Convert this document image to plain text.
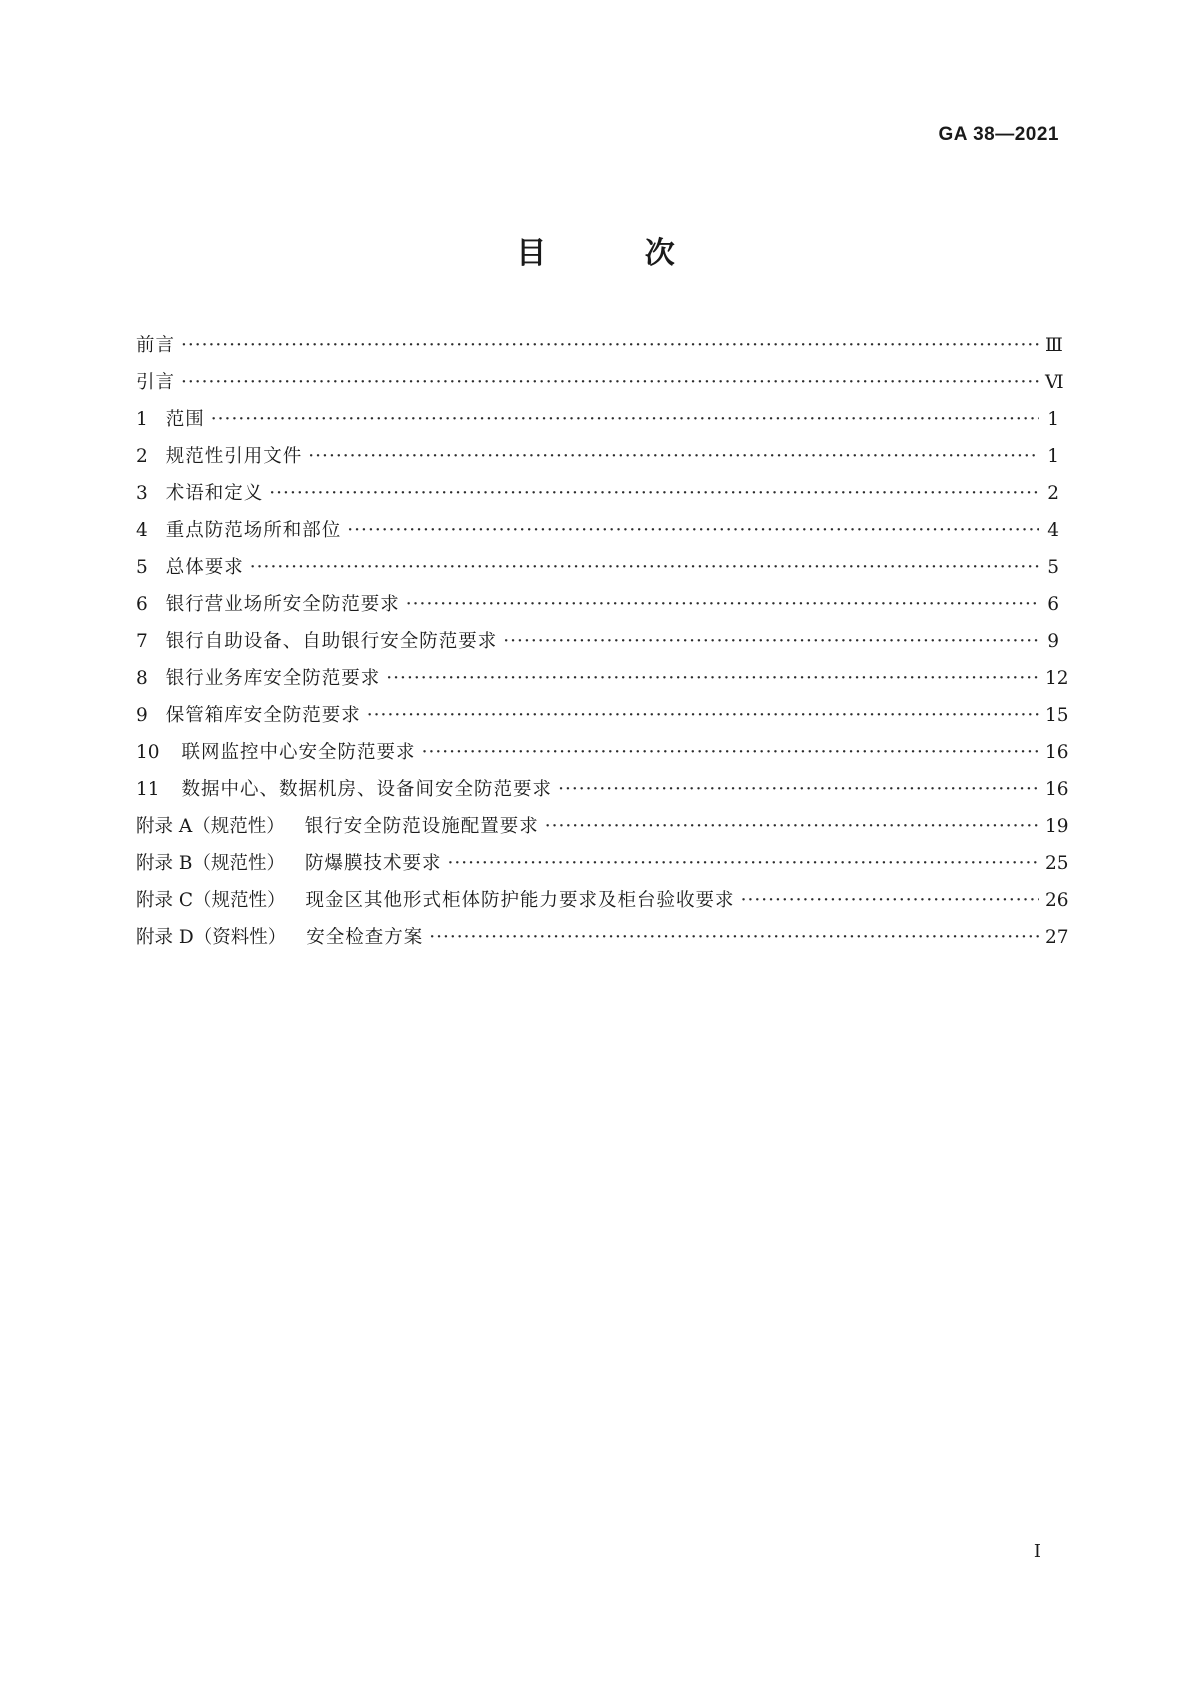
GA 38—2021
目 次
前言 ·····	Ⅲ
引言 ·····	Ⅵ
1 范围 ·····	1
2 规范性引用文件 ·····	1
3 术语和定义 ·····	2
4 重点防范场所和部位 ·····	4
5 总体要求 ·····	5
6 银行营业场所安全防范要求 ·····	6
7 银行自助设备、自助银行安全防范要求 ·····	9
8 银行业务库安全防范要求 ·····	12
9 保管箱库安全防范要求 ·····	15
10 联网监控中心安全防范要求 ·····	16
11 数据中心、数据机房、设备间安全防范要求 ·····	16
附录 A（规范性） 银行安全防范设施配置要求 ·····	19
附录 B（规范性） 防爆膜技术要求 ·····	25
附录 C（规范性） 现金区其他形式柜体防护能力要求及柜台验收要求 ·····	26
附录 D（资料性） 安全检查方案 ·····	27
I
